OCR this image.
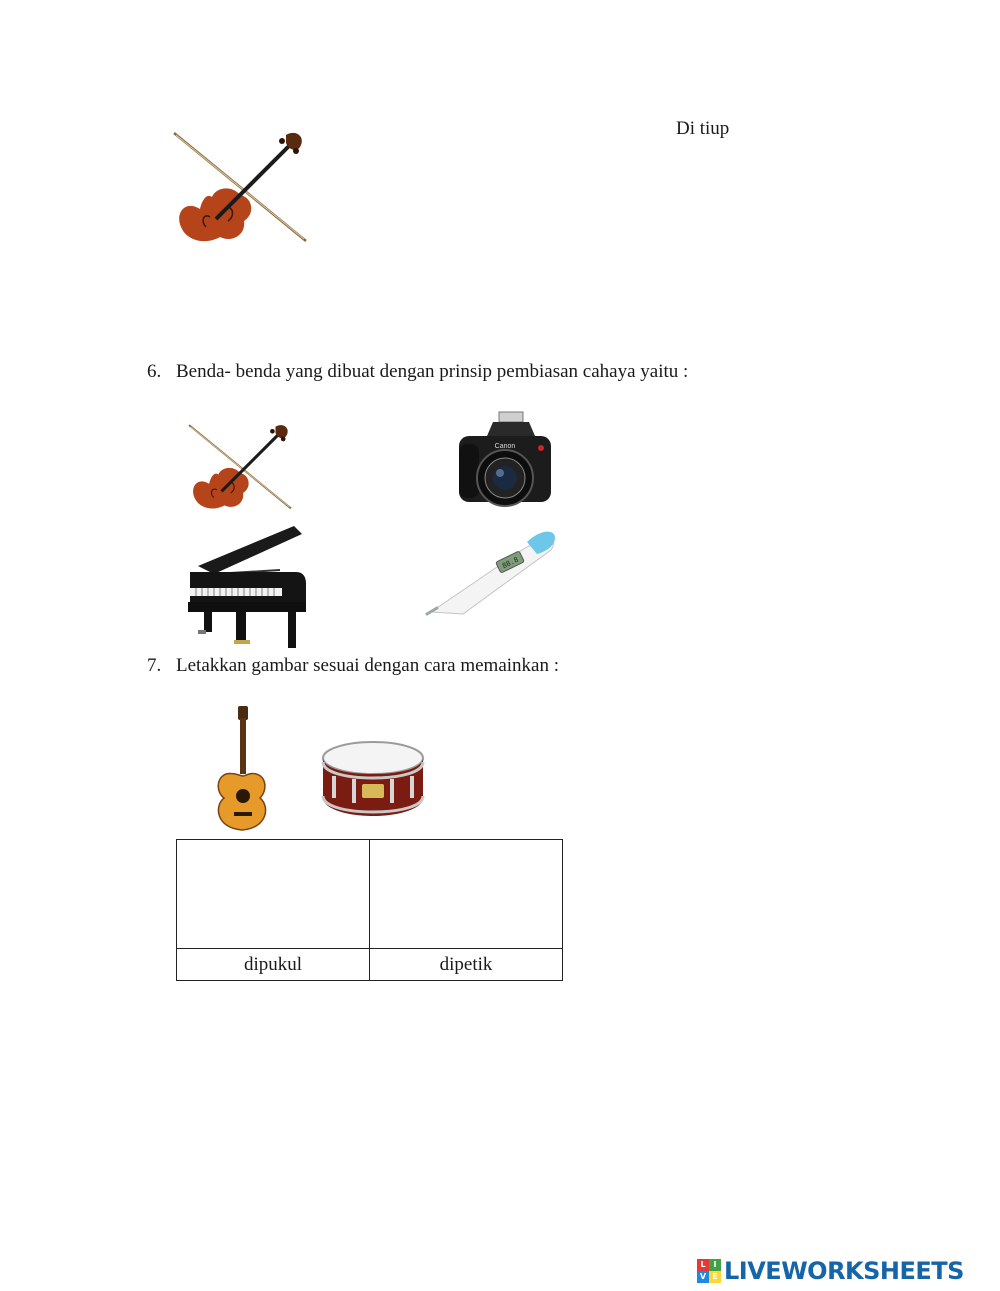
Di tiup
6. Benda- benda yang dibuat dengan prinsip pembiasan cahaya yaitu :
Canon
88.8
7. Letakkan gambar sesuai dengan cara memainkan :

dipukul	dipetik
L I
V E LIVEWORKSHEETS
